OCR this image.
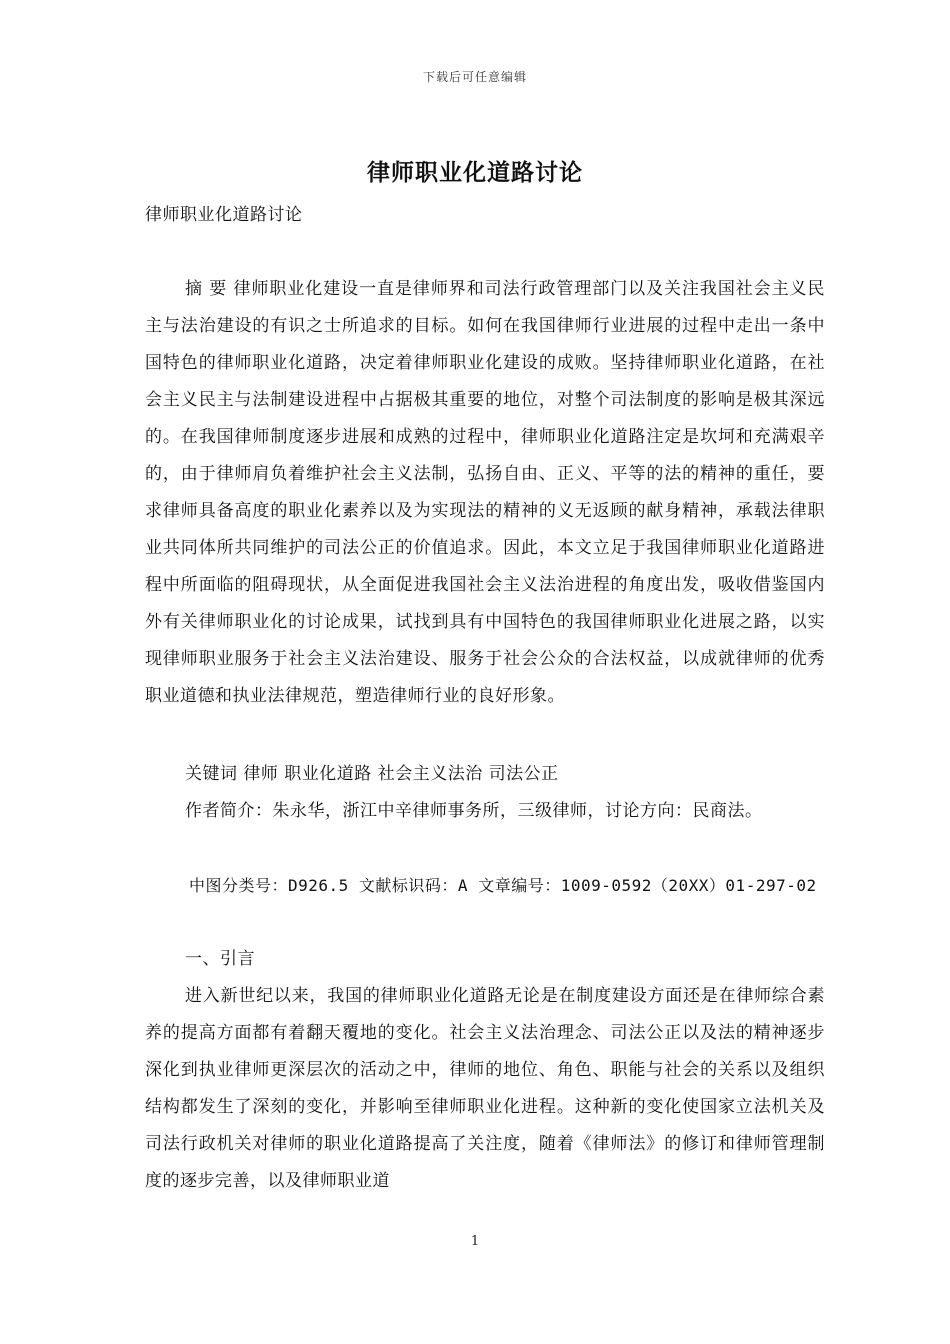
下载后可任意编辑
律师职业化道路讨论
律师职业化道路讨论
摘 要 律师职业化建设一直是律师界和司法行政管理部门以及关注我国社会主义民主与法治建设的有识之士所追求的目标。如何在我国律师行业进展的过程中走出一条中国特色的律师职业化道路，决定着律师职业化建设的成败。坚持律师职业化道路，在社会主义民主与法制建设进程中占据极其重要的地位，对整个司法制度的影响是极其深远的。在我国律师制度逐步进展和成熟的过程中，律师职业化道路注定是坎坷和充满艰辛的，由于律师肩负着维护社会主义法制，弘扬自由、正义、平等的法的精神的重任，要求律师具备高度的职业化素养以及为实现法的精神的义无返顾的献身精神，承载法律职业共同体所共同维护的司法公正的价值追求。因此，本文立足于我国律师职业化道路进程中所面临的阻碍现状，从全面促进我国社会主义法治进程的角度出发，吸收借鉴国内外有关律师职业化的讨论成果，试找到具有中国特色的我国律师职业化进展之路，以实现律师职业服务于社会主义法治建设、服务于社会公众的合法权益，以成就律师的优秀职业道德和执业法律规范，塑造律师行业的良好形象。
关键词 律师 职业化道路 社会主义法治 司法公正
作者简介：朱永华，浙江中辛律师事务所，三级律师，讨论方向：民商法。
中图分类号：D926.5 文献标识码：A 文章编号：1009-0592（20XX）01-297-02
一、引言
进入新世纪以来，我国的律师职业化道路无论是在制度建设方面还是在律师综合素养的提高方面都有着翻天覆地的变化。社会主义法治理念、司法公正以及法的精神逐步深化到执业律师更深层次的活动之中，律师的地位、角色、职能与社会的关系以及组织结构都发生了深刻的变化，并影响至律师职业化进程。这种新的变化使国家立法机关及司法行政机关对律师的职业化道路提高了关注度，随着《律师法》的修订和律师管理制度的逐步完善，以及律师职业道
1
